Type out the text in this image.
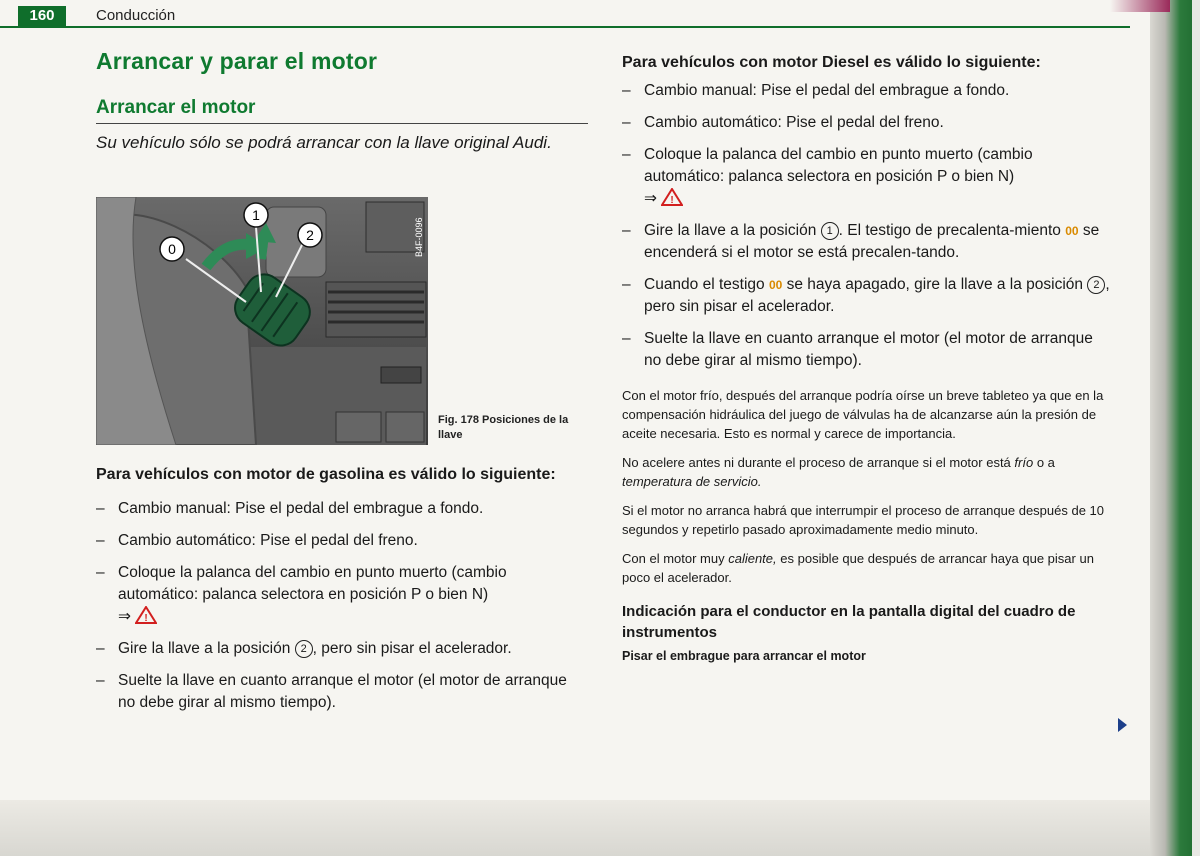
160	Conducción
Arrancar y parar el motor
Arrancar el motor

Su vehículo sólo se podrá arrancar con la llave original Audi.

0
1
2	B4F-0096
Fig. 178 Posiciones de la llave

Para vehículos con motor de gasolina es válido lo siguiente:

– Cambio manual: Pise el pedal del embrague a fondo.
– Cambio automático: Pise el pedal del freno.
– Coloque la palanca del cambio en punto muerto (cambio automático: palanca selectora en posición P o bien N)
⇒ !
– Gire la llave a la posición 2 , pero sin pisar el acelerador.
– Suelte la llave en cuanto arranque el motor (el motor de arranque no debe girar al mismo tiempo).

Para vehículos con motor Diesel es válido lo siguiente:

– Cambio manual: Pise el pedal del embrague a fondo.
– Cambio automático: Pise el pedal del freno.
– Coloque la palanca del cambio en punto muerto (cambio automático: palanca selectora en posición P o bien N)
⇒ !
– Gire la llave a la posición 1 . El testigo de precalenta-miento 00 se encenderá si el motor se está precalen-tando.
– Cuando el testigo 00 se haya apagado, gire la llave a la posición 2 , pero sin pisar el acelerador.
– Suelte la llave en cuanto arranque el motor (el motor de arranque no debe girar al mismo tiempo).

Con el motor frío, después del arranque podría oírse un breve tableteo ya que en la compensación hidráulica del juego de válvulas ha de alcanzarse aún la presión de aceite necesaria. Esto es normal y carece de importancia.

No acelere antes ni durante el proceso de arranque si el motor está frío o a temperatura de servicio.

Si el motor no arranca habrá que interrumpir el proceso de arranque después de 10 segundos y repetirlo pasado aproximadamente medio minuto.

Con el motor muy caliente, es posible que después de arrancar haya que pisar un poco el acelerador.

Indicación para el conductor en la pantalla digital del cuadro de instrumentos

Pisar el embrague para arrancar el motor
